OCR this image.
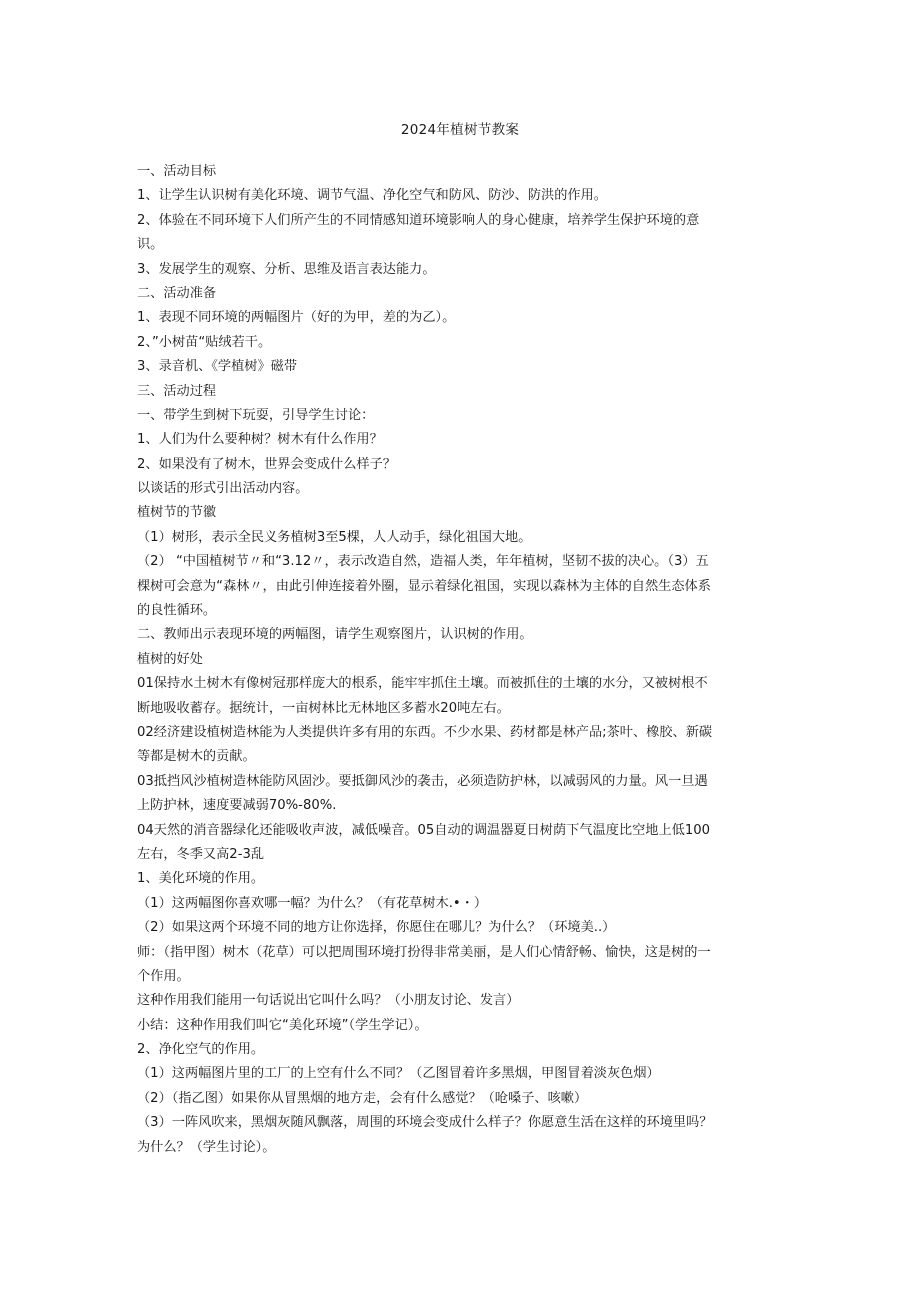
2024年植树节教案
一、活动目标
1、让学生认识树有美化环境、调节气温、净化空气和防风、防沙、防洪的作用。
2、体验在不同环境下人们所产生的不同情感知道环境影响人的身心健康，培养学生保护环境的意
识。
3、发展学生的观察、分析、思维及语言表达能力。
二、活动准备
1、表现不同环境的两幅图片（好的为甲，差的为乙）。
2、”小树苗“贴绒若干。
3、录音机、《学植树》磁带
三、活动过程
一、带学生到树下玩耍，引导学生讨论：
1、人们为什么要种树？树木有什么作用？
2、如果没有了树木，世界会变成什么样子？
以谈话的形式引出活动内容。
植树节的节徽
（1）树形，表示全民义务植树3至5棵，人人动手，绿化祖国大地。
（2） “中国植树节〃和“3.12〃，表示改造自然，造福人类，年年植树，坚韧不拔的决心。（3）五
棵树可会意为“森林〃，由此引伸连接着外圈，显示着绿化祖国，实现以森林为主体的自然生态体系
的良性循环。
二、教师出示表现环境的两幅图，请学生观察图片，认识树的作用。
植树的好处
01保持水土树木有像树冠那样庞大的根系，能牢牢抓住土壤。而被抓住的土壤的水分，又被树根不
断地吸收蓄存。据统计，一亩树林比无林地区多蓄水20吨左右。
02经济建设植树造林能为人类提供许多有用的东西。不少水果、药材都是林产品;茶叶、橡胶、新碳
等都是树木的贡献。
03抵挡风沙植树造林能防风固沙。要抵御风沙的袭击，必须造防护林，以减弱风的力量。风一旦遇
上防护林，速度要减弱70%-80%.
04天然的消音器绿化还能吸收声波，减低噪音。05自动的调温器夏日树荫下气温度比空地上低100
左右，冬季又高2-3乱
1、美化环境的作用。
（1）这两幅图你喜欢哪一幅？为什么？（有花草树木.•・）
（2）如果这两个环境不同的地方让你选择，你愿住在哪儿？为什么？（环境美..）
师：（指甲图）树木（花草）可以把周围环境打扮得非常美丽，是人们心情舒畅、愉快，这是树的一
个作用。
这种作用我们能用一句话说出它叫什么吗？（小朋友讨论、发言）
小结：这种作用我们叫它“美化环境”（学生学记）。
2、净化空气的作用。
（1）这两幅图片里的工厂的上空有什么不同？（乙图冒着许多黑烟，甲图冒着淡灰色烟）
（2）（指乙图）如果你从冒黑烟的地方走，会有什么感觉？（呛嗓子、咳嗽）
（3）一阵风吹来，黑烟灰随风飘落，周围的环境会变成什么样子？你愿意生活在这样的环境里吗？
为什么？（学生讨论）。
